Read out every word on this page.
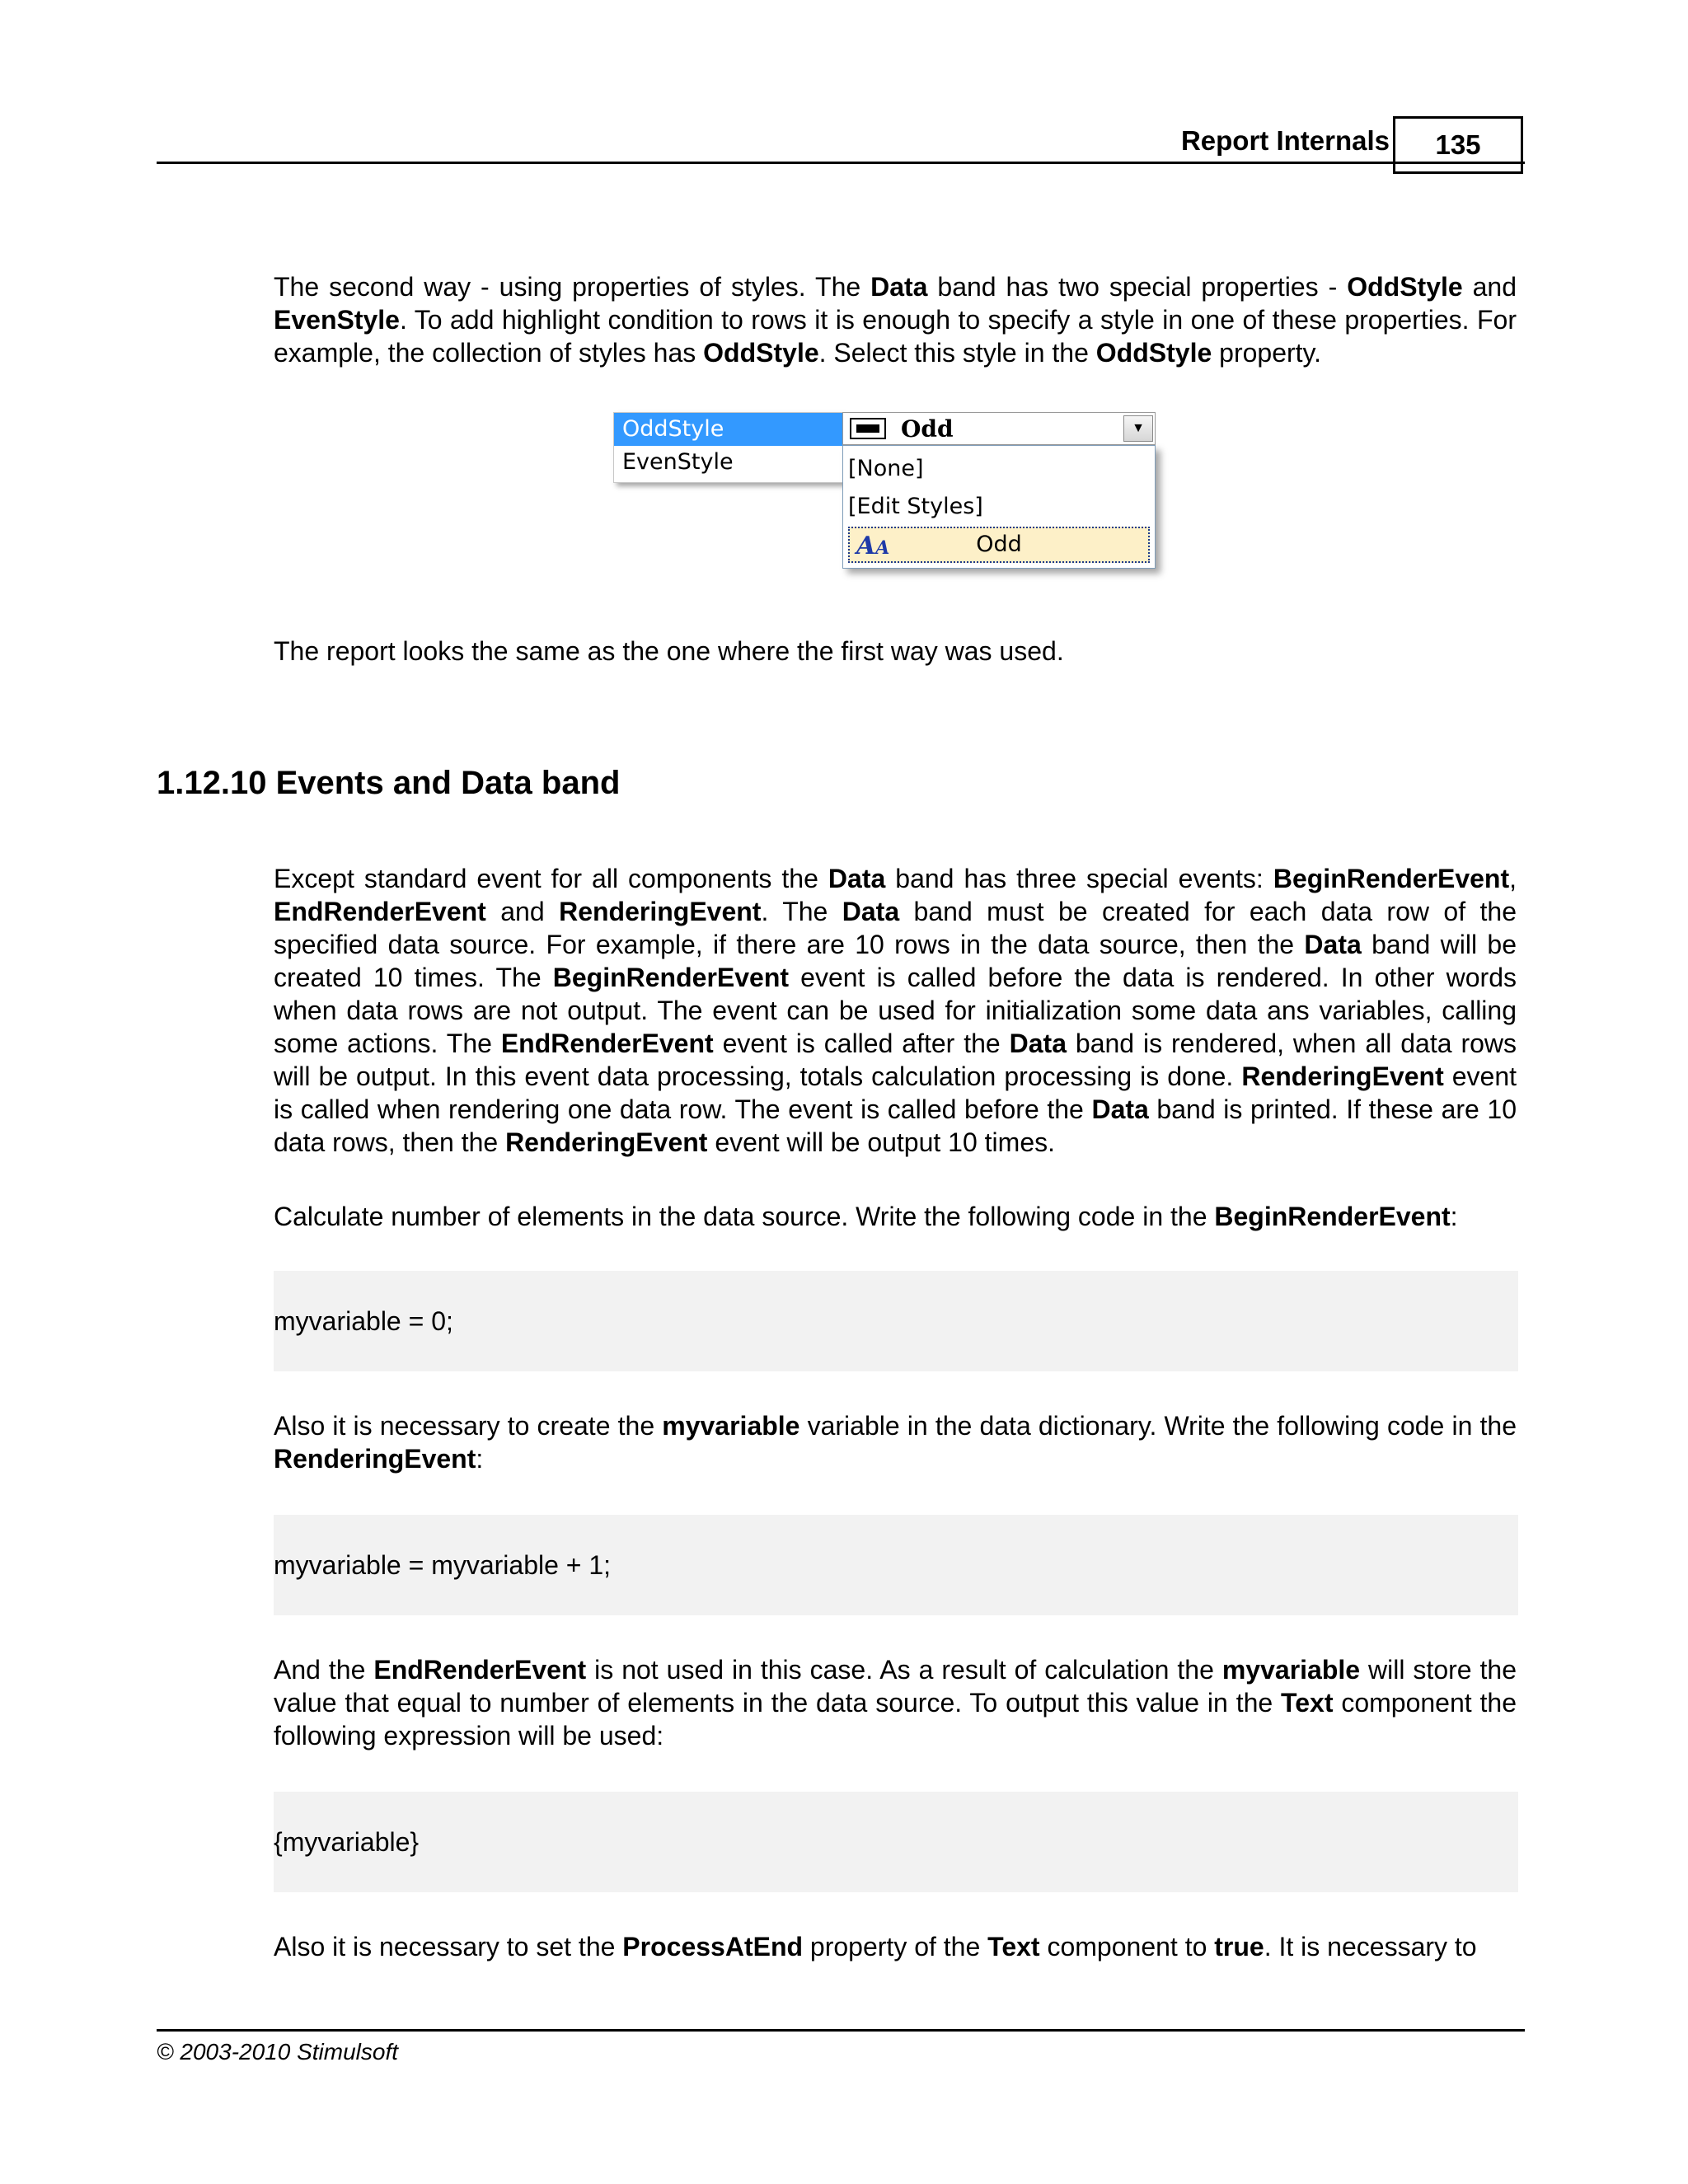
Report Internals	135
The second way - using properties of styles. The Data band has two special properties - OddStyle and EvenStyle. To add highlight condition to rows it is enough to specify a style in one of these properties. For example, the collection of styles has OddStyle. Select this style in the OddStyle property.
OddStyle
EvenStyle
Odd	▼
[None]
[Edit Styles]
AA	Odd
The report looks the same as the one where the first way was used.
1.12.10 Events and Data band
Except standard event for all components the Data band has three special events: BeginRenderEvent, EndRenderEvent and RenderingEvent. The Data band must be created for each data row of the specified data source. For example, if there are 10 rows in the data source, then the Data band will be created 10 times. The BeginRenderEvent event is called before the data is rendered. In other words when data rows are not output. The event can be used for initialization some data ans variables, calling some actions. The EndRenderEvent event is called after the Data band is rendered, when all data rows will be output. In this event data processing, totals calculation processing is done. RenderingEvent event is called when rendering one data row. The event is called before the Data band is printed. If these are 10 data rows, then the RenderingEvent event will be output 10 times.
Calculate number of elements in the data source. Write the following code in the BeginRenderEvent:
myvariable = 0;
Also it is necessary to create the myvariable variable in the data dictionary. Write the following code in the RenderingEvent:
myvariable = myvariable + 1;
And the EndRenderEvent is not used in this case. As a result of calculation the myvariable will store the value that equal to number of elements in the data source. To output this value in the Text component the following expression will be used:
{myvariable}
Also it is necessary to set the ProcessAtEnd property of the Text component to true. It is necessary to
© 2003-2010 Stimulsoft
